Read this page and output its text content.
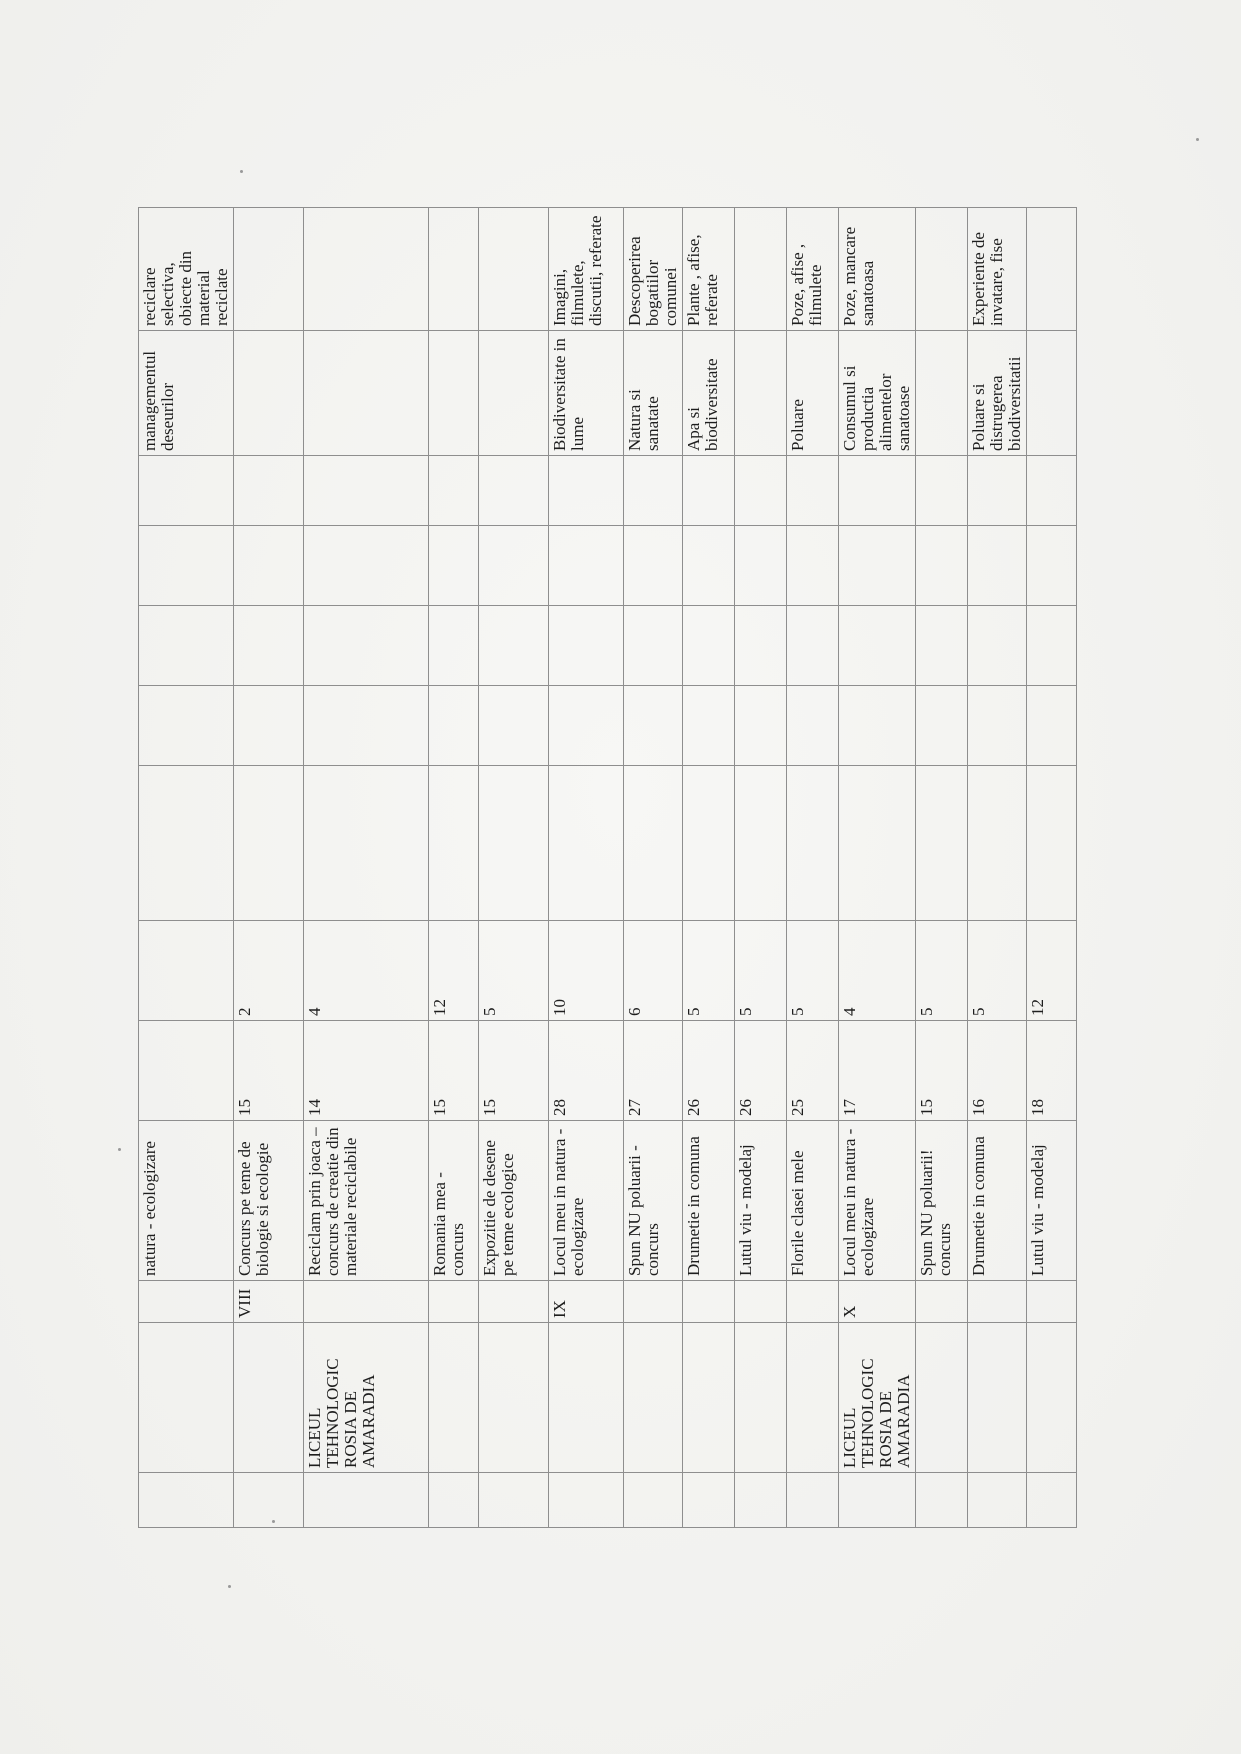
			natura - ecologizare								managementul deseurilor	reciclare selectiva, obiecte din material reciclate
		VIII	Concurs pe teme de biologie si ecologie	15	2							
	LICEUL TEHNOLOGIC ROSIA DE AMARADIA		Reciclam prin joaca – concurs de creatie din materiale reciclabile	14	4							
			Romania mea - concurs	15	12							
			Expozitie de desene pe teme ecologice	15	5							
		IX	Locul meu in natura - ecologizare	28	10						Biodiversitate in lume	Imagini, filmulete, discutii, referate
			Spun NU poluarii - concurs	27	6						Natura si sanatate	Descoperirea bogatiilor comunei
			Drumetie in comuna	26	5						Apa si biodiversitate	Plante , afise, referate
			Lutul viu - modelaj	26	5							
			Florile clasei mele	25	5						Poluare	Poze, afise , filmulete
	LICEUL TEHNOLOGIC ROSIA DE AMARADIA	X	Locul meu in natura - ecologizare	17	4						Consumul si productia alimentelor sanatoase	Poze, mancare sanatoasa
			Spun NU poluarii! concurs	15	5							
			Drumetie in comuna	16	5						Poluare si distrugerea biodiversitatii	Experiente de invatare, fise
			Lutul viu - modelaj	18	12							
